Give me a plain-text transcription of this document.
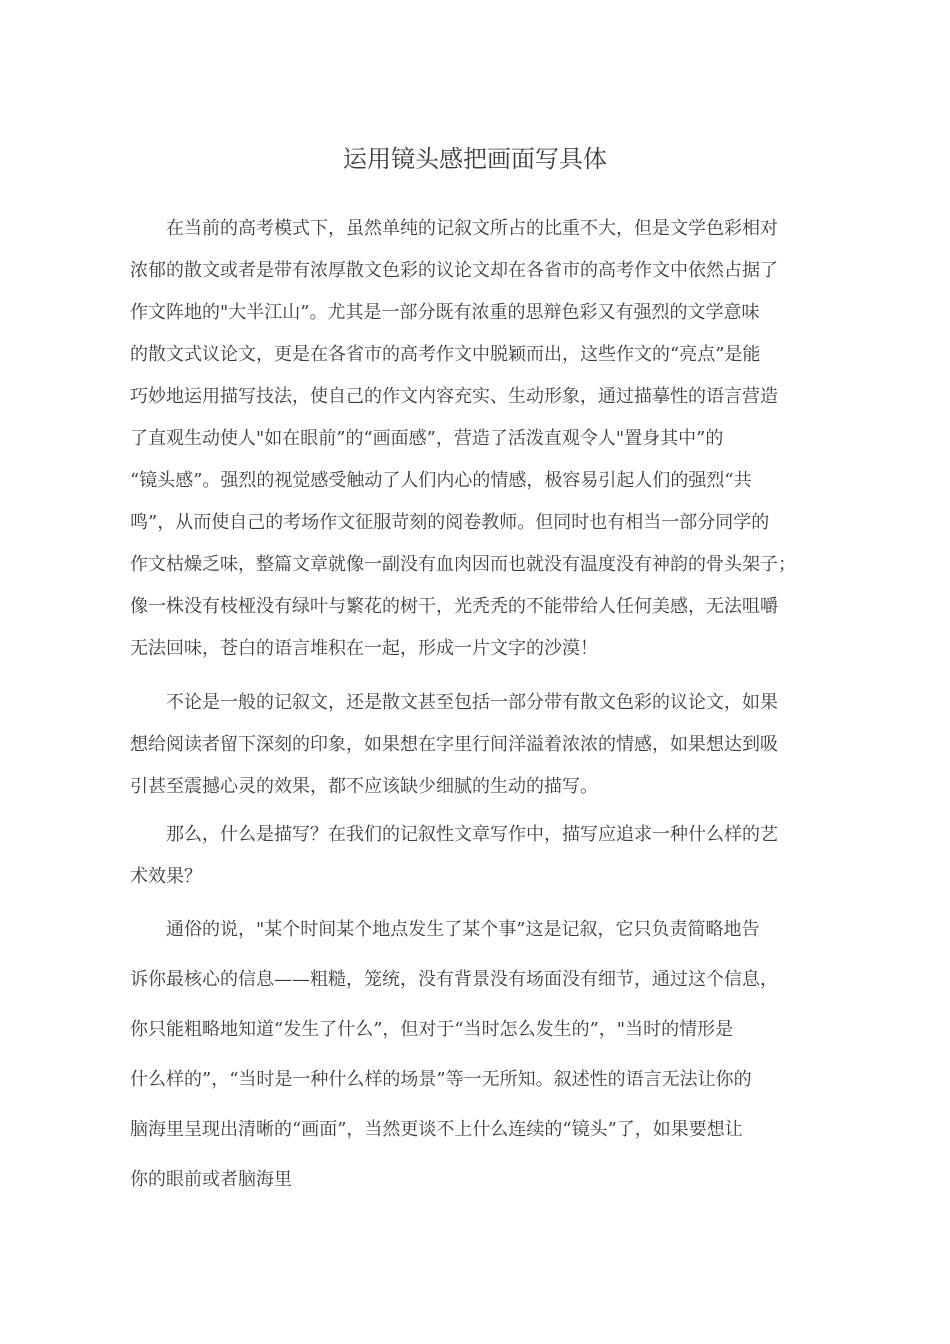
运用镜头感把画面写具体
在当前的高考模式下，虽然单纯的记叙文所占的比重不大，但是文学色彩相对
浓郁的散文或者是带有浓厚散文色彩的议论文却在各省市的高考作文中依然占据了
作文阵地的"大半江山”。尤其是一部分既有浓重的思辩色彩又有强烈的文学意味
的散文式议论文，更是在各省市的高考作文中脱颖而出，这些作文的“亮点”是能
巧妙地运用描写技法，使自己的作文内容充实、生动形象，通过描摹性的语言营造
了直观生动使人"如在眼前”的“画面感”，营造了活泼直观令人"置身其中”的
“镜头感”。强烈的视觉感受触动了人们内心的情感，极容易引起人们的强烈“共
鸣”，从而使自己的考场作文征服苛刻的阅卷教师。但同时也有相当一部分同学的
作文枯燥乏味，整篇文章就像一副没有血肉因而也就没有温度没有神韵的骨头架子；
像一株没有枝桠没有绿叶与繁花的树干，光秃秃的不能带给人任何美感，无法咀嚼
无法回味，苍白的语言堆积在一起，形成一片文字的沙漠！
不论是一般的记叙文，还是散文甚至包括一部分带有散文色彩的议论文，如果
想给阅读者留下深刻的印象，如果想在字里行间洋溢着浓浓的情感，如果想达到吸
引甚至震撼心灵的效果，都不应该缺少细腻的生动的描写。
那么，什么是描写？在我们的记叙性文章写作中，描写应追求一种什么样的艺
术效果？
通俗的说，"某个时间某个地点发生了某个事”这是记叙，它只负责简略地告
诉你最核心的信息——粗糙，笼统，没有背景没有场面没有细节，通过这个信息，
你只能粗略地知道“发生了什么”，但对于“当时怎么发生的”，"当时的情形是
什么样的”，“当时是一种什么样的场景”等一无所知。叙述性的语言无法让你的
脑海里呈现出清晰的“画面”，当然更谈不上什么连续的“镜头”了，如果要想让
你的眼前或者脑海里
